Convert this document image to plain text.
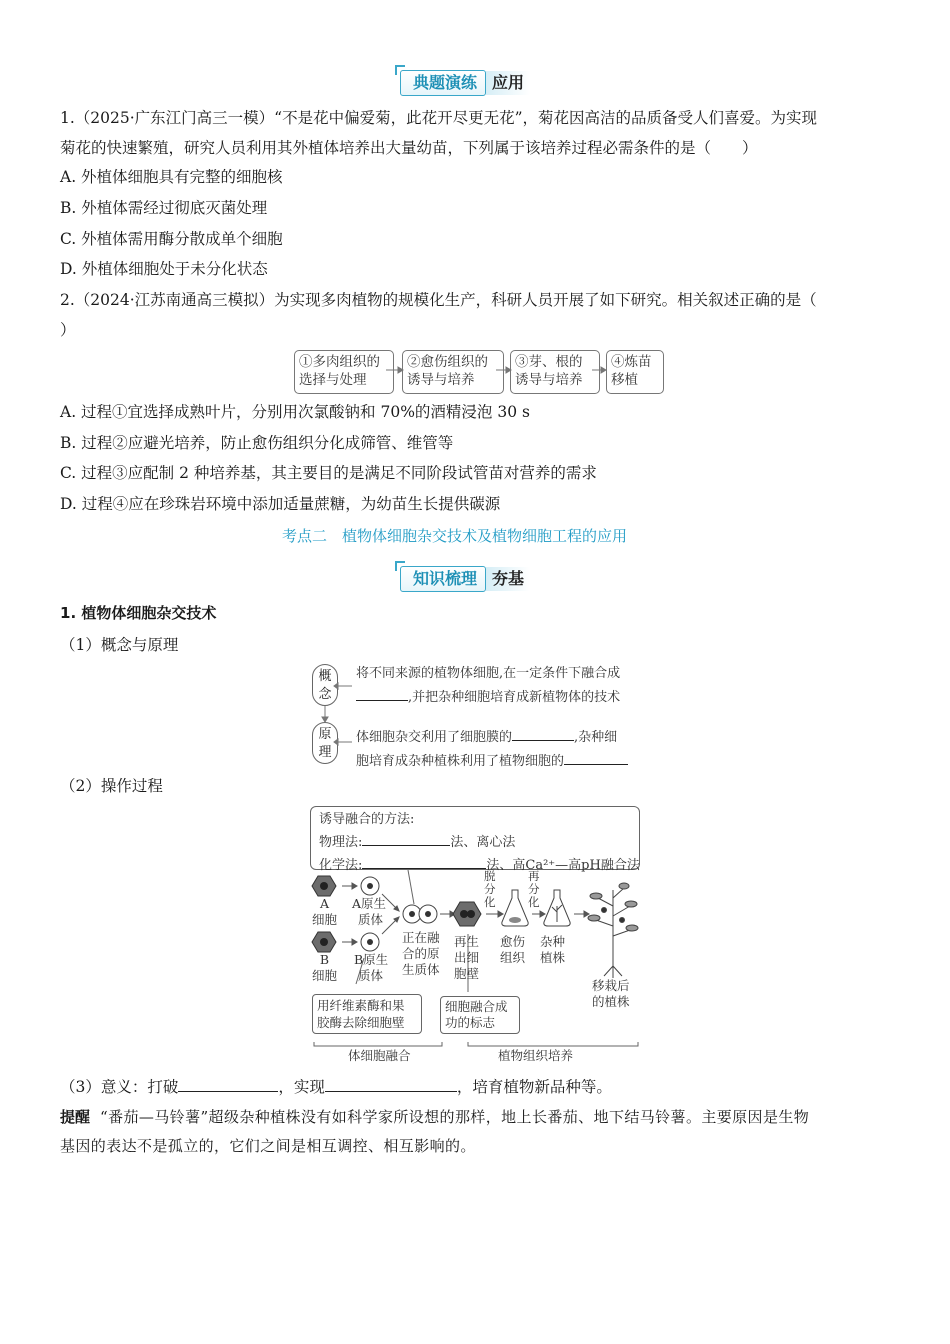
典题演练 应用
1.（2025·广东江门高三一模）“不是花中偏爱菊，此花开尽更无花”，菊花因高洁的品质备受人们喜爱。为实现
菊花的快速繁殖，研究人员利用其外植体培养出大量幼苗，下列属于该培养过程必需条件的是（　　）
A. 外植体细胞具有完整的细胞核
B. 外植体需经过彻底灭菌处理
C. 外植体需用酶分散成单个细胞
D. 外植体细胞处于未分化状态
2.（2024·江苏南通高三模拟）为实现多肉植物的规模化生产，科研人员开展了如下研究。相关叙述正确的是（
）
①多肉组织的
选择与处理
②愈伤组织的
诱导与培养
③芽、根的
诱导与培养
④炼苗
移植
A. 过程①宜选择成熟叶片，分别用次氯酸钠和 70%的酒精浸泡 30 s
B. 过程②应避光培养，防止愈伤组织分化成筛管、维管等
C. 过程③应配制 2 种培养基，其主要目的是满足不同阶段试管苗对营养的需求
D. 过程④应在珍珠岩环境中添加适量蔗糖，为幼苗生长提供碳源
考点二　植物体细胞杂交技术及植物细胞工程的应用
知识梳理 夯基
1. 植物体细胞杂交技术
（1）概念与原理
概
念
原
理
将不同来源的植物体细胞,在一定条件下融合成
,并把杂种细胞培育成新植物体的技术
体细胞杂交利用了细胞膜的	,杂种细
胞培育成杂种植株利用了植物细胞的
（2）操作过程
诱导融合的方法:
物理法:	法、离心法
化学法:	法、高Ca²⁺—高pH融合法
A
细胞
A原生
质体
B
细胞
B原生
质体
正在融
合的原
生质体
再生
出细
胞壁
脱
分
化
再
分
化
愈伤
组织
杂种
植株
移栽后
的植株
用纤维素酶和果
胶酶去除细胞壁
细胞融合成
功的标志
体细胞融合	植物组织培养
（3）意义：打破	，实现	，培育植物新品种等。
提醒 “番茄—马铃薯”超级杂种植株没有如科学家所设想的那样，地上长番茄、地下结马铃薯。主要原因是生物
基因的表达不是孤立的，它们之间是相互调控、相互影响的。
